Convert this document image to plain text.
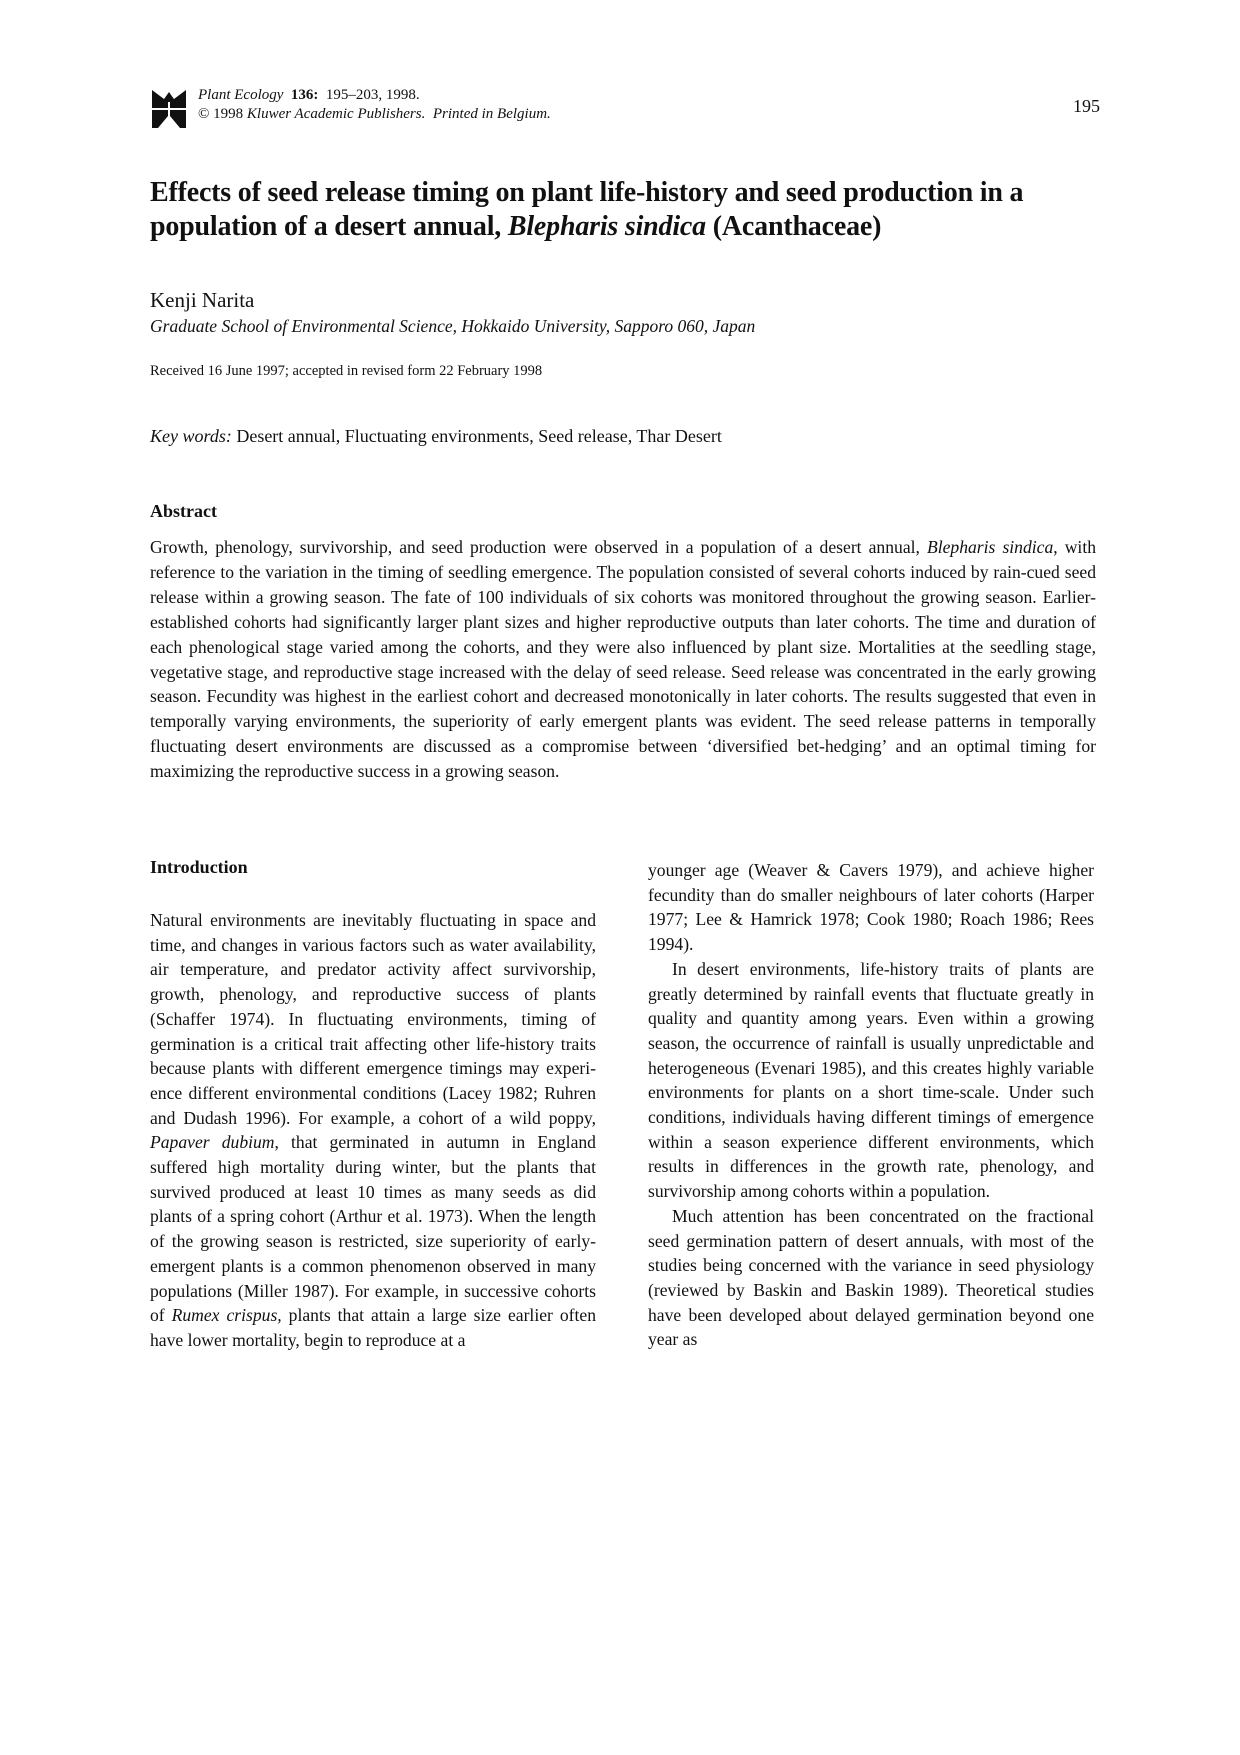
Plant Ecology 136: 195–203, 1998.
© 1998 Kluwer Academic Publishers. Printed in Belgium.	195
Effects of seed release timing on plant life-history and seed production in a population of a desert annual, Blepharis sindica (Acanthaceae)
Kenji Narita
Graduate School of Environmental Science, Hokkaido University, Sapporo 060, Japan
Received 16 June 1997; accepted in revised form 22 February 1998
Key words: Desert annual, Fluctuating environments, Seed release, Thar Desert
Abstract
Growth, phenology, survivorship, and seed production were observed in a population of a desert annual, Blepharis sindica, with reference to the variation in the timing of seedling emergence. The population consisted of several cohorts induced by rain-cued seed release within a growing season. The fate of 100 individuals of six cohorts was monitored throughout the growing season. Earlier-established cohorts had significantly larger plant sizes and higher reproductive outputs than later cohorts. The time and duration of each phenological stage varied among the cohorts, and they were also influenced by plant size. Mortalities at the seedling stage, vegetative stage, and reproductive stage increased with the delay of seed release. Seed release was concentrated in the early growing season. Fecundity was highest in the earliest cohort and decreased monotonically in later cohorts. The results suggested that even in temporally varying environments, the superiority of early emergent plants was evident. The seed release patterns in temporally fluctuating desert environments are discussed as a compromise between ‘diversified bet-hedging’ and an optimal timing for maximizing the reproductive success in a growing season.
Introduction

Natural environments are inevitably fluctuating in space and time, and changes in various factors such as water availability, air temperature, and predator activity affect survivorship, growth, phenology, and reproductive success of plants (Schaffer 1974). In fluctuating environments, timing of germination is a critical trait affecting other life-history traits because plants with different emergence timings may experience different environmental conditions (Lacey 1982; Ruhren and Dudash 1996). For example, a cohort of a wild poppy, Papaver dubium, that germinated in autumn in England suffered high mortality during winter, but the plants that survived produced at least 10 times as many seeds as did plants of a spring cohort (Arthur et al. 1973). When the length of the growing season is restricted, size superiority of early-emergent plants is a common phenomenon observed in many populations (Miller 1987). For example, in successive cohorts of Rumex crispus, plants that attain a large size earlier often have lower mortality, begin to reproduce at a

younger age (Weaver & Cavers 1979), and achieve higher fecundity than do smaller neighbours of later cohorts (Harper 1977; Lee & Hamrick 1978; Cook 1980; Roach 1986; Rees 1994).

In desert environments, life-history traits of plants are greatly determined by rainfall events that fluctuate greatly in quality and quantity among years. Even within a growing season, the occurrence of rainfall is usually unpredictable and heterogeneous (Evenari 1985), and this creates highly variable environments for plants on a short time-scale. Under such conditions, individuals having different timings of emergence within a season experience different environments, which results in differences in the growth rate, phenology, and survivorship among cohorts within a population.

Much attention has been concentrated on the fractional seed germination pattern of desert annuals, with most of the studies being concerned with the variance in seed physiology (reviewed by Baskin and Baskin 1989). Theoretical studies have been developed about delayed germination beyond one year as
